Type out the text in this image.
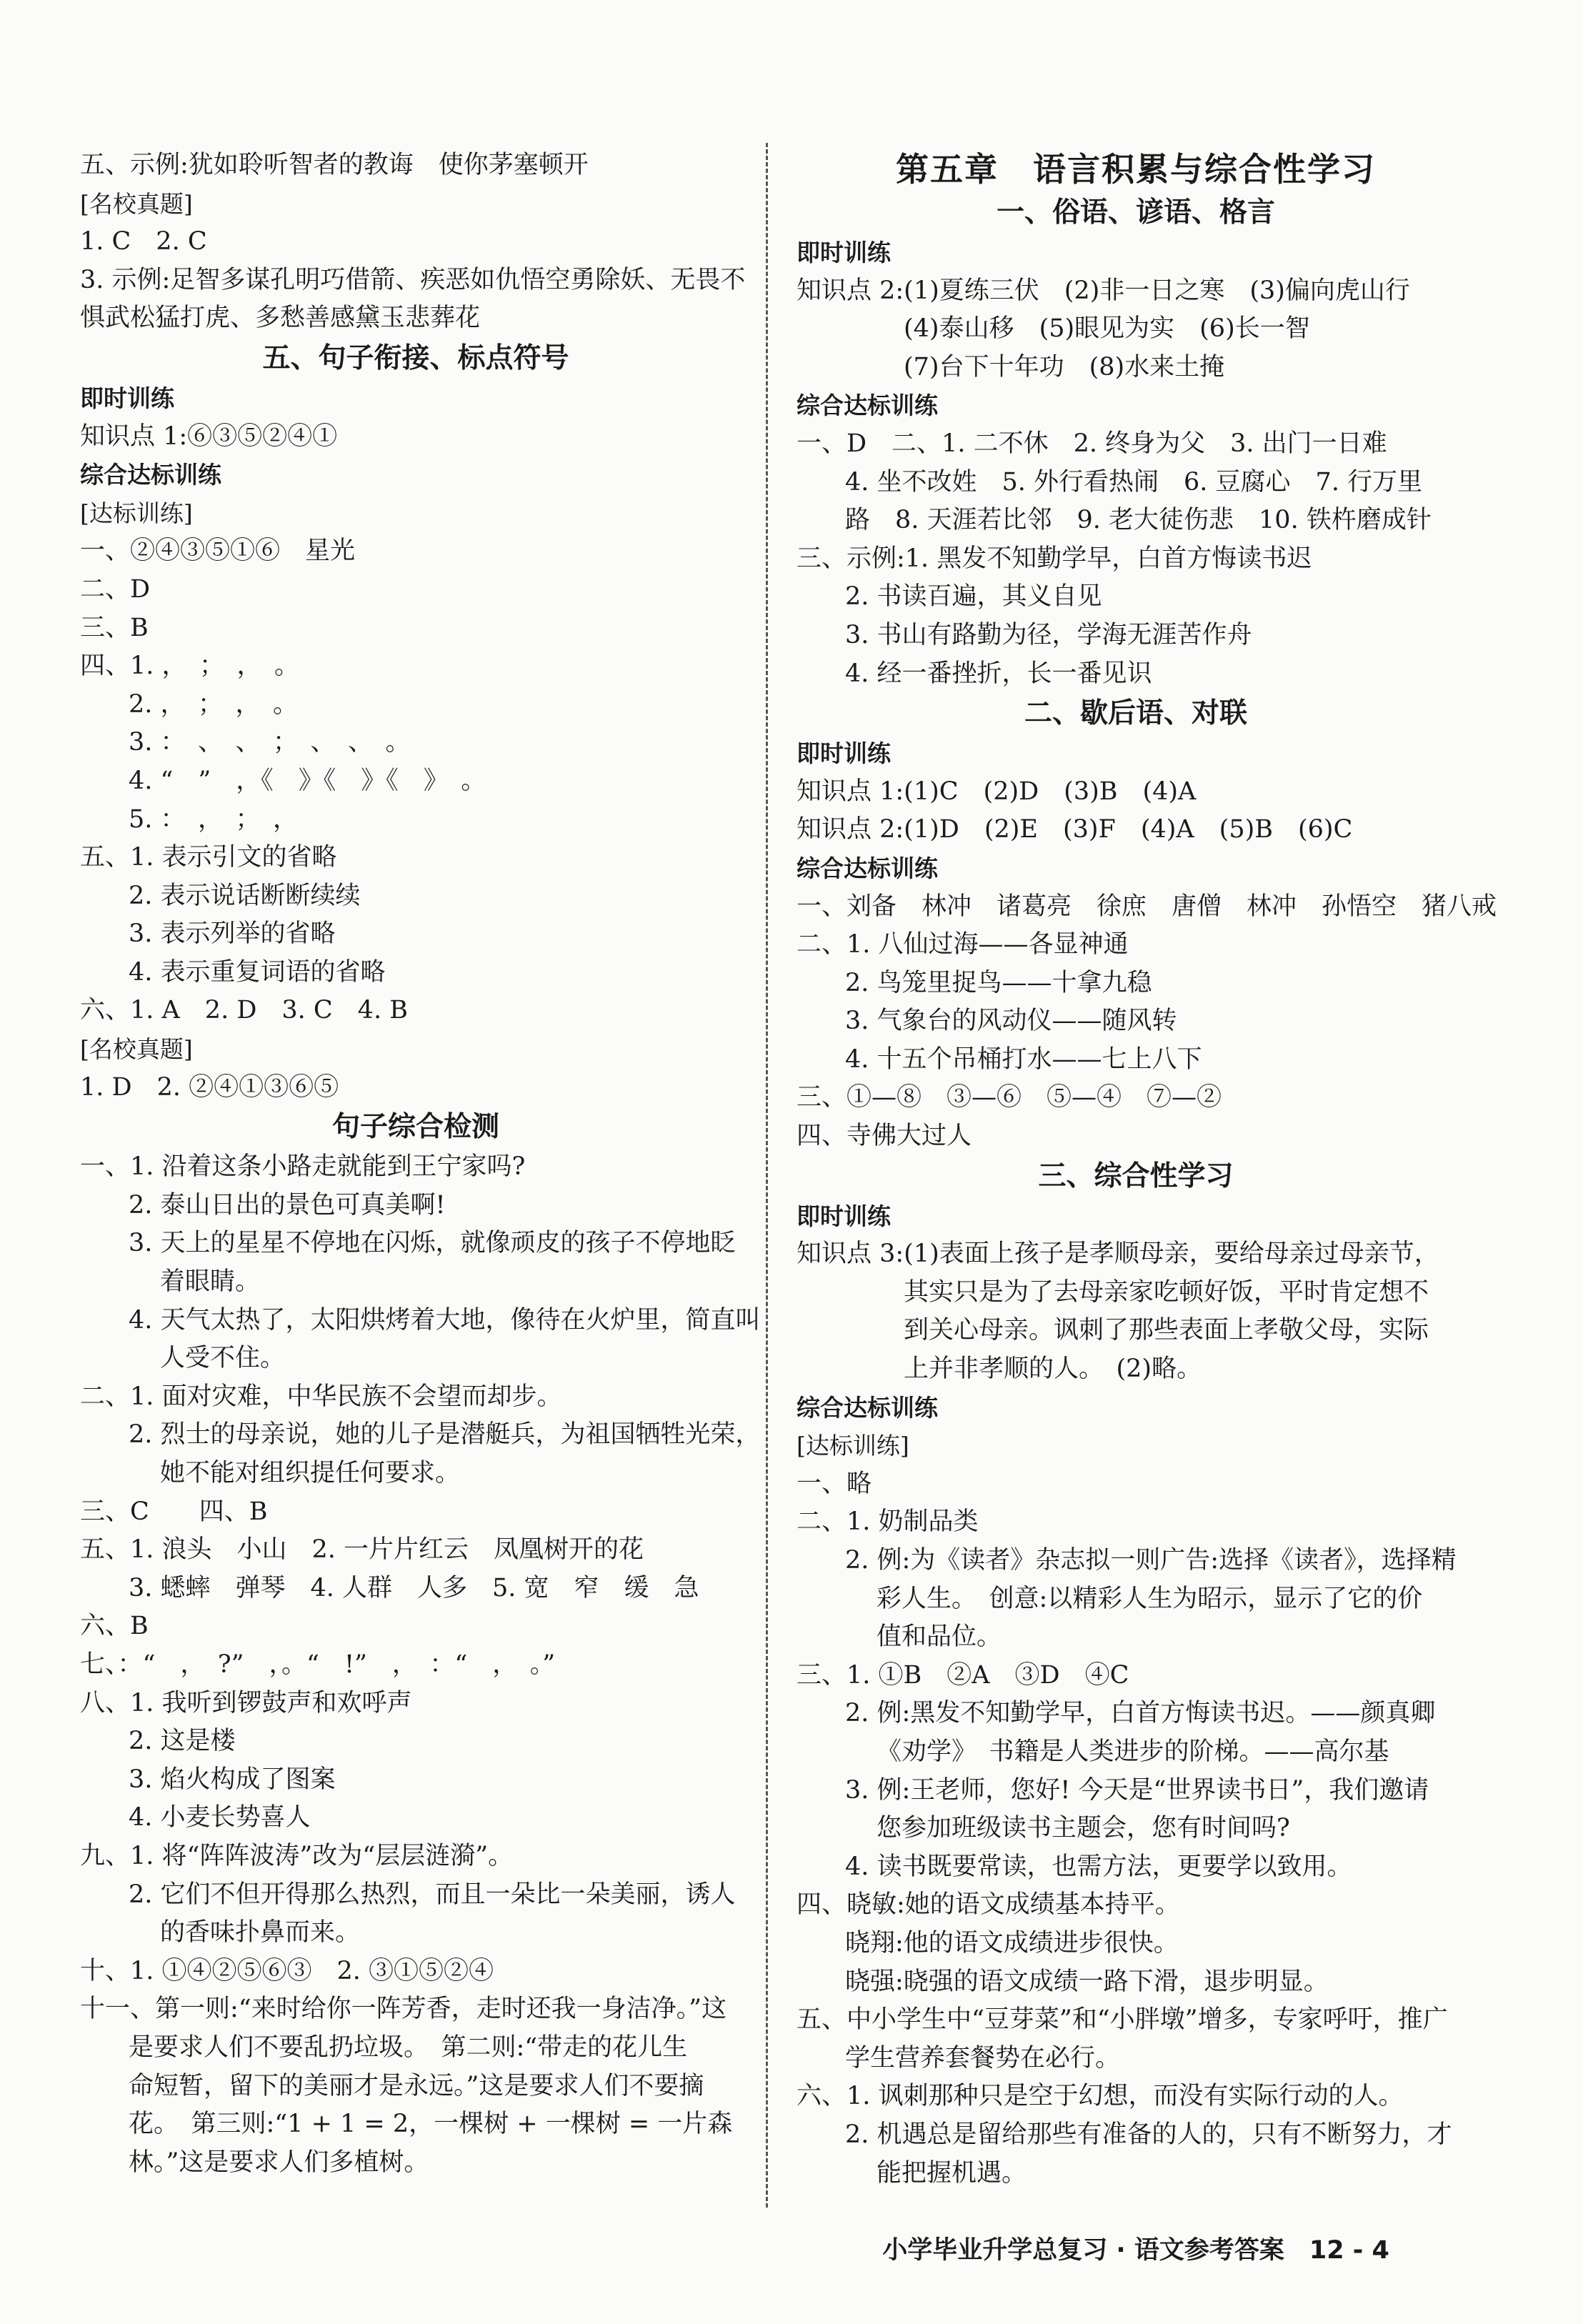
五、示例:犹如聆听智者的教诲　使你茅塞顿开
[名校真题]
1. C　2. C
3. 示例:足智多谋孔明巧借箭、疾恶如仇悟空勇除妖、无畏不
惧武松猛打虎、多愁善感黛玉悲葬花
五、句子衔接、标点符号
即时训练
知识点 1:⑥③⑤②④①
综合达标训练
[达标训练]
一、②④③⑤①⑥　星光
二、D
三、B
四、1. ，　；　，　。
2. ，　；　，　。
3. ：　、　、　；　、　、　。
4. “　”　，《　》《　》《　》　。
5. ：　，　；　，
五、1. 表示引文的省略
2. 表示说话断断续续
3. 表示列举的省略
4. 表示重复词语的省略
六、1. A　2. D　3. C　4. B
[名校真题]
1. D　2. ②④①③⑥⑤
句子综合检测
一、1. 沿着这条小路走就能到王宁家吗?
2. 泰山日出的景色可真美啊!
3. 天上的星星不停地在闪烁，就像顽皮的孩子不停地眨
着眼睛。
4. 天气太热了，太阳烘烤着大地，像待在火炉里，简直叫
人受不住。
二、1. 面对灾难，中华民族不会望而却步。
2. 烈士的母亲说，她的儿子是潜艇兵，为祖国牺牲光荣，
她不能对组织提任何要求。
三、C　　四、B
五、1. 浪头　小山　2. 一片片红云　凤凰树开的花
3. 蟋蟀　弹琴　4. 人群　人多　5. 宽　窄　缓　急
六、B
七、：“　，　?”　，。“　!”　，　：“　，　。”
八、1. 我听到锣鼓声和欢呼声
2. 这是楼
3. 焰火构成了图案
4. 小麦长势喜人
九、1. 将“阵阵波涛”改为“层层涟漪”。
2. 它们不但开得那么热烈，而且一朵比一朵美丽，诱人
的香味扑鼻而来。
十、1. ①④②⑤⑥③　2. ③①⑤②④
十一、第一则:“来时给你一阵芳香，走时还我一身洁净。”这
是要求人们不要乱扔垃圾。　第二则:“带走的花儿生
命短暂，留下的美丽才是永远。”这是要求人们不要摘
花。　第三则:“1 + 1 = 2，一棵树 + 一棵树 = 一片森
林。”这是要求人们多植树。
第五章　语言积累与综合性学习
一、俗语、谚语、格言
即时训练
知识点 2:(1)夏练三伏　(2)非一日之寒　(3)偏向虎山行
(4)泰山移　(5)眼见为实　(6)长一智
(7)台下十年功　(8)水来土掩
综合达标训练
一、D　二、1. 二不休　2. 终身为父　3. 出门一日难
4. 坐不改姓　5. 外行看热闹　6. 豆腐心　7. 行万里
路　8. 天涯若比邻　9. 老大徒伤悲　10. 铁杵磨成针
三、示例:1. 黑发不知勤学早，白首方悔读书迟
2. 书读百遍，其义自见
3. 书山有路勤为径，学海无涯苦作舟
4. 经一番挫折，长一番见识
二、歇后语、对联
即时训练
知识点 1:(1)C　(2)D　(3)B　(4)A
知识点 2:(1)D　(2)E　(3)F　(4)A　(5)B　(6)C
综合达标训练
一、刘备　林冲　诸葛亮　徐庶　唐僧　林冲　孙悟空　猪八戒
二、1. 八仙过海——各显神通
2. 鸟笼里捉鸟——十拿九稳
3. 气象台的风动仪——随风转
4. 十五个吊桶打水——七上八下
三、①—⑧　③—⑥　⑤—④　⑦—②
四、寺佛大过人
三、综合性学习
即时训练
知识点 3:(1)表面上孩子是孝顺母亲，要给母亲过母亲节，
其实只是为了去母亲家吃顿好饭，平时肯定想不
到关心母亲。讽刺了那些表面上孝敬父母，实际
上并非孝顺的人。　(2)略。
综合达标训练
[达标训练]
一、略
二、1. 奶制品类
2. 例:为《读者》杂志拟一则广告:选择《读者》，选择精
彩人生。　创意:以精彩人生为昭示，显示了它的价
值和品位。
三、1. ①B　②A　③D　④C
2. 例:黑发不知勤学早，白首方悔读书迟。——颜真卿
《劝学》　书籍是人类进步的阶梯。——高尔基
3. 例:王老师，您好! 今天是“世界读书日”，我们邀请
您参加班级读书主题会，您有时间吗?
4. 读书既要常读，也需方法，更要学以致用。
四、晓敏:她的语文成绩基本持平。
晓翔:他的语文成绩进步很快。
晓强:晓强的语文成绩一路下滑，退步明显。
五、中小学生中“豆芽菜”和“小胖墩”增多，专家呼吁，推广
学生营养套餐势在必行。
六、1. 讽刺那种只是空于幻想，而没有实际行动的人。
2. 机遇总是留给那些有准备的人的，只有不断努力，才
能把握机遇。
小学毕业升学总复习 · 语文参考答案　12 - 4
